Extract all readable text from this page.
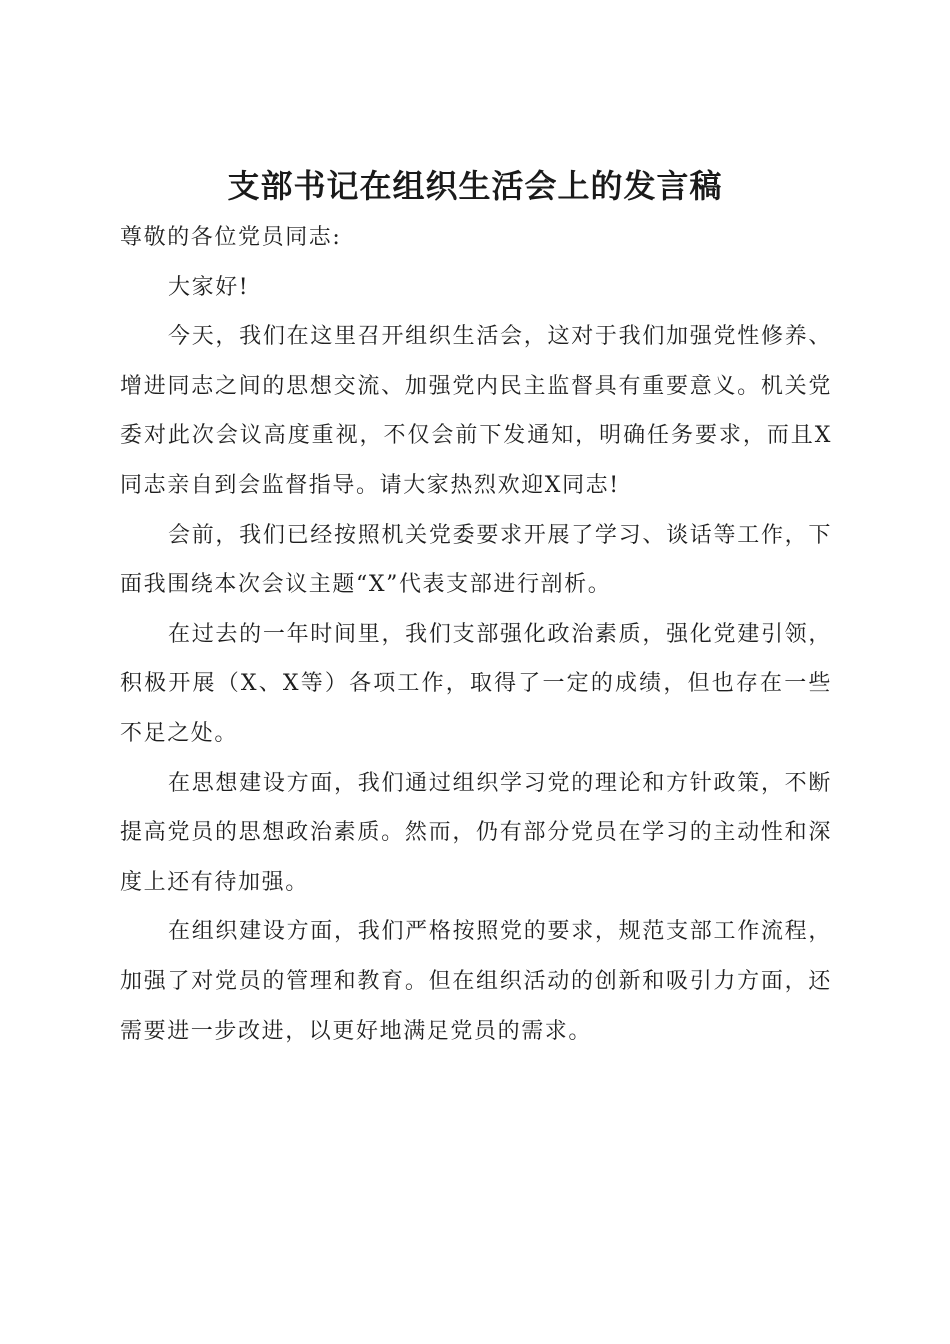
支部书记在组织生活会上的发言稿

尊敬的各位党员同志:

大家好!

今天，我们在这里召开组织生活会，这对于我们加强党性修养、增进同志之间的思想交流、加强党内民主监督具有重要意义。机关党委对此次会议高度重视，不仅会前下发通知，明确任务要求，而且X同志亲自到会监督指导。请大家热烈欢迎X同志!

会前，我们已经按照机关党委要求开展了学习、谈话等工作，下面我围绕本次会议主题“X”代表支部进行剖析。

在过去的一年时间里，我们支部强化政治素质，强化党建引领，积极开展（X、X等）各项工作，取得了一定的成绩，但也存在一些不足之处。

在思想建设方面，我们通过组织学习党的理论和方针政策，不断提高党员的思想政治素质。然而，仍有部分党员在学习的主动性和深度上还有待加强。

在组织建设方面，我们严格按照党的要求，规范支部工作流程，加强了对党员的管理和教育。但在组织活动的创新和吸引力方面，还需要进一步改进，以更好地满足党员的需求。
